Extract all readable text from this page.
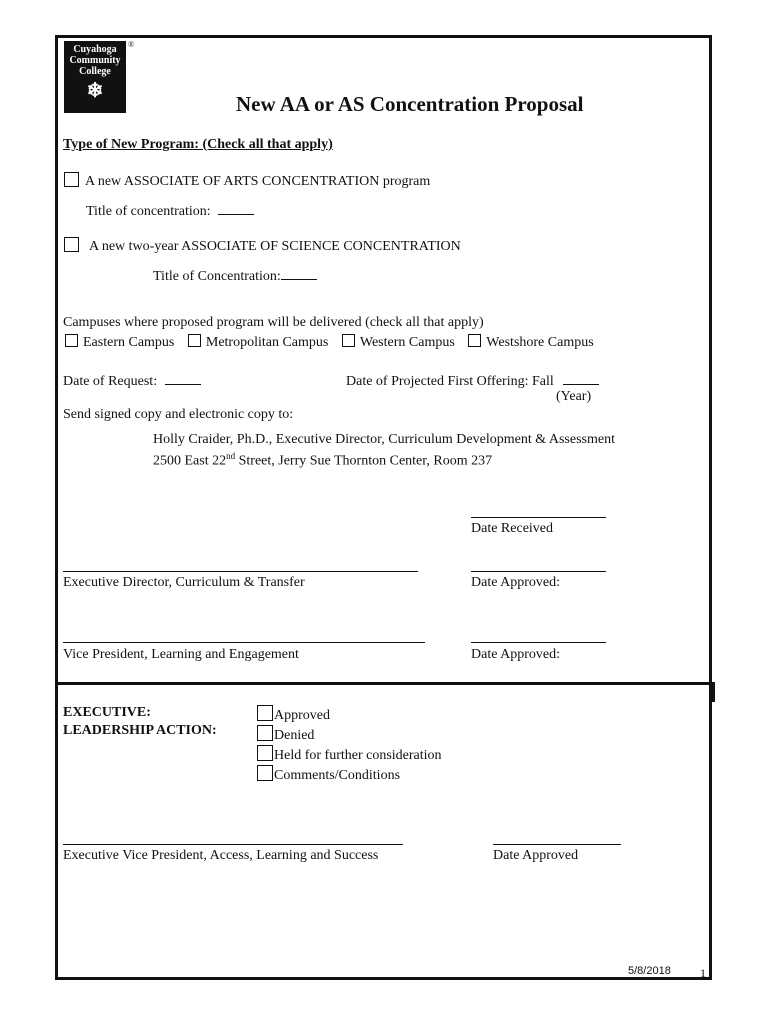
Cuyahoga
Community
College
❄
®
New AA or AS Concentration Proposal
Type of New Program: (Check all that apply)
A new ASSOCIATE OF ARTS CONCENTRATION program
Title of concentration:
A new two-year ASSOCIATE OF SCIENCE CONCENTRATION
Title of Concentration:
Campuses where proposed program will be delivered (check all that apply)
Eastern Campus Metropolitan Campus Western Campus Westshore Campus
Date of Request:	Date of Projected First Offering: Fall
(Year)
Send signed copy and electronic copy to:
Holly Craider, Ph.D., Executive Director, Curriculum Development & Assessment
2500 East 22nd Street, Jerry Sue Thornton Center, Room 237
Date Received
Executive Director, Curriculum & Transfer	Date Approved:
Vice President, Learning and Engagement	Date Approved:
EXECUTIVE:
LEADERSHIP ACTION:
Approved
Denied
Held for further consideration
Comments/Conditions
Executive Vice President, Access, Learning and Success	Date Approved
5/8/2018 1
